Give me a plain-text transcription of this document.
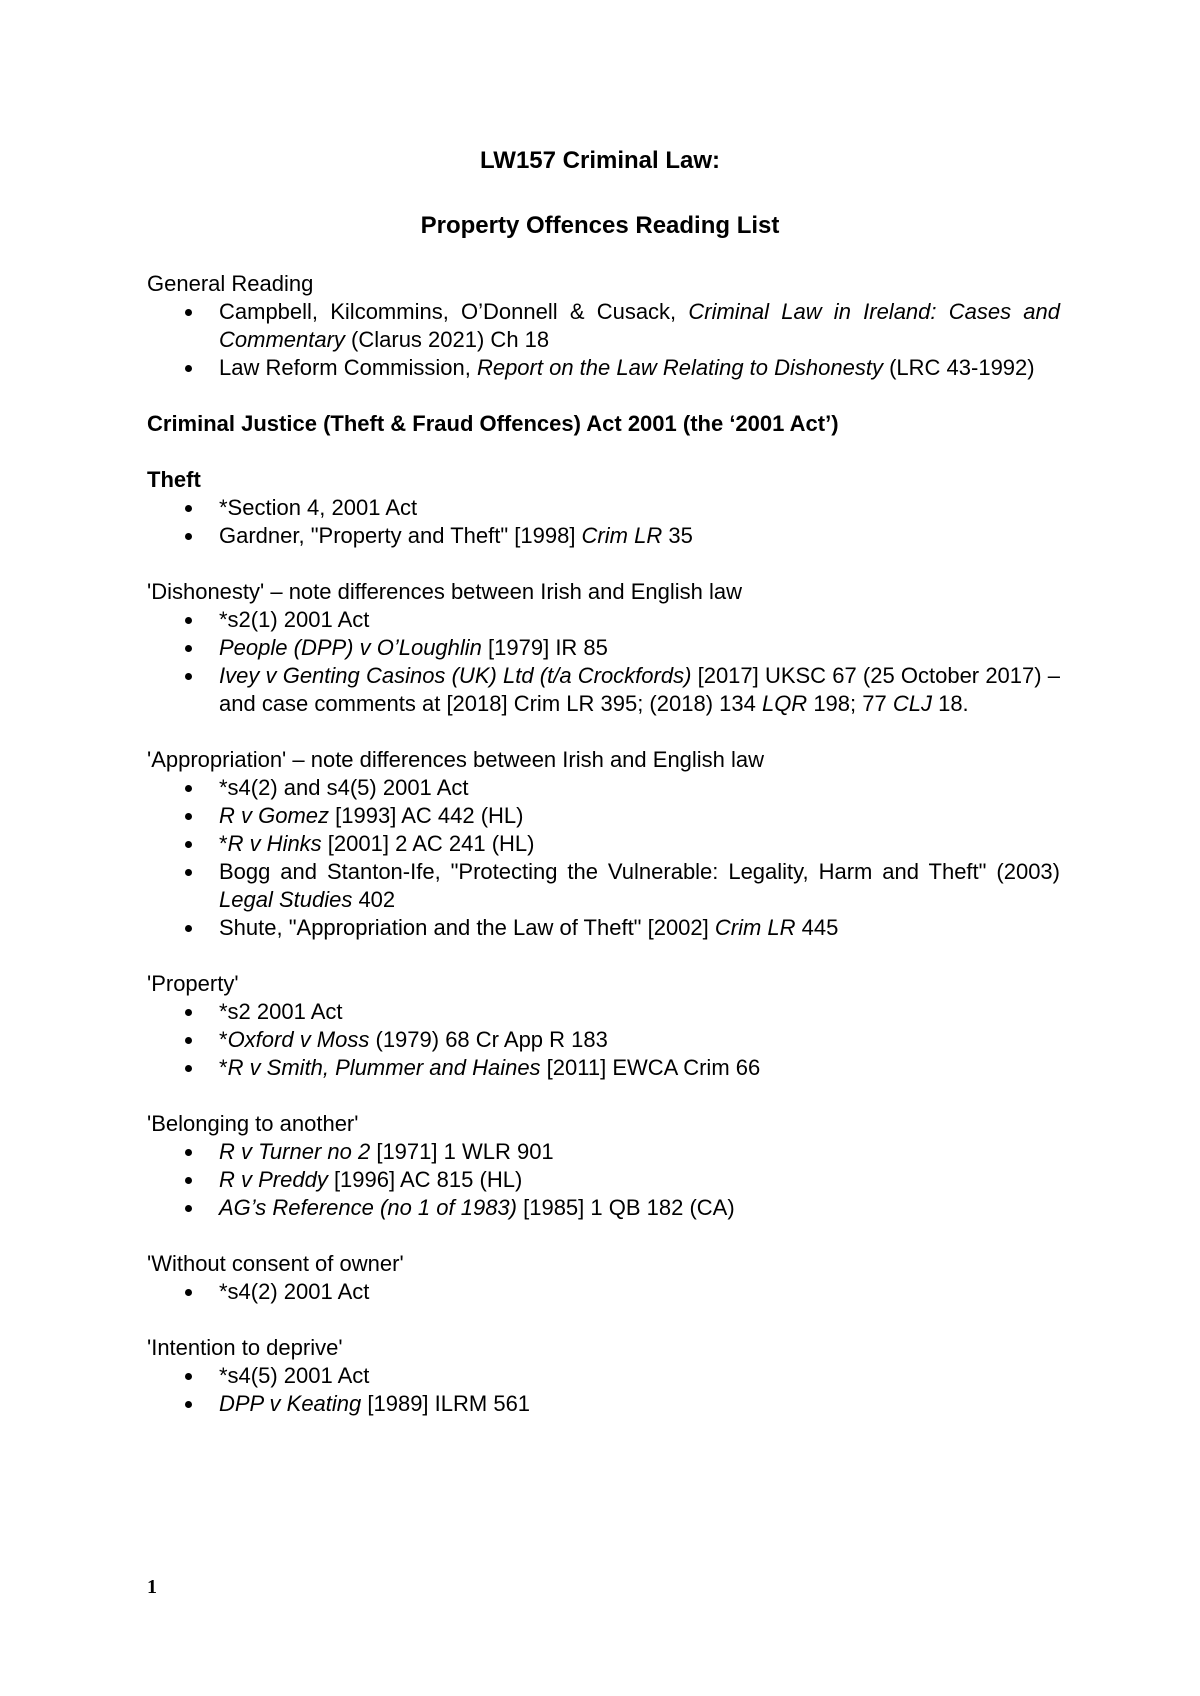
LW157 Criminal Law:
Property Offences Reading List
General Reading
Campbell, Kilcommins, O’Donnell & Cusack, Criminal Law in Ireland: Cases and Commentary (Clarus 2021) Ch 18
Law Reform Commission, Report on the Law Relating to Dishonesty (LRC 43-1992)
Criminal Justice (Theft & Fraud Offences) Act 2001 (the ‘2001 Act’)
Theft
*Section 4, 2001 Act
Gardner, "Property and Theft" [1998] Crim LR 35
'Dishonesty' – note differences between Irish and English law
*s2(1) 2001 Act
People (DPP) v O’Loughlin [1979] IR 85
Ivey v Genting Casinos (UK) Ltd (t/a Crockfords) [2017] UKSC 67 (25 October 2017) – and case comments at [2018] Crim LR 395; (2018) 134 LQR 198; 77 CLJ 18.
'Appropriation' – note differences between Irish and English law
*s4(2) and s4(5) 2001 Act
R v Gomez [1993] AC 442 (HL)
*R v Hinks [2001] 2 AC 241 (HL)
Bogg and Stanton-Ife, "Protecting the Vulnerable: Legality, Harm and Theft" (2003) Legal Studies 402
Shute, "Appropriation and the Law of Theft" [2002] Crim LR 445
'Property'
*s2 2001 Act
*Oxford v Moss (1979) 68 Cr App R 183
*R v Smith, Plummer and Haines [2011] EWCA Crim 66
'Belonging to another'
R v Turner no 2 [1971] 1 WLR 901
R v Preddy [1996] AC 815 (HL)
AG’s Reference (no 1 of 1983) [1985] 1 QB 182 (CA)
'Without consent of owner'
*s4(2) 2001 Act
'Intention to deprive'
*s4(5) 2001 Act
DPP v Keating [1989] ILRM 561
1
